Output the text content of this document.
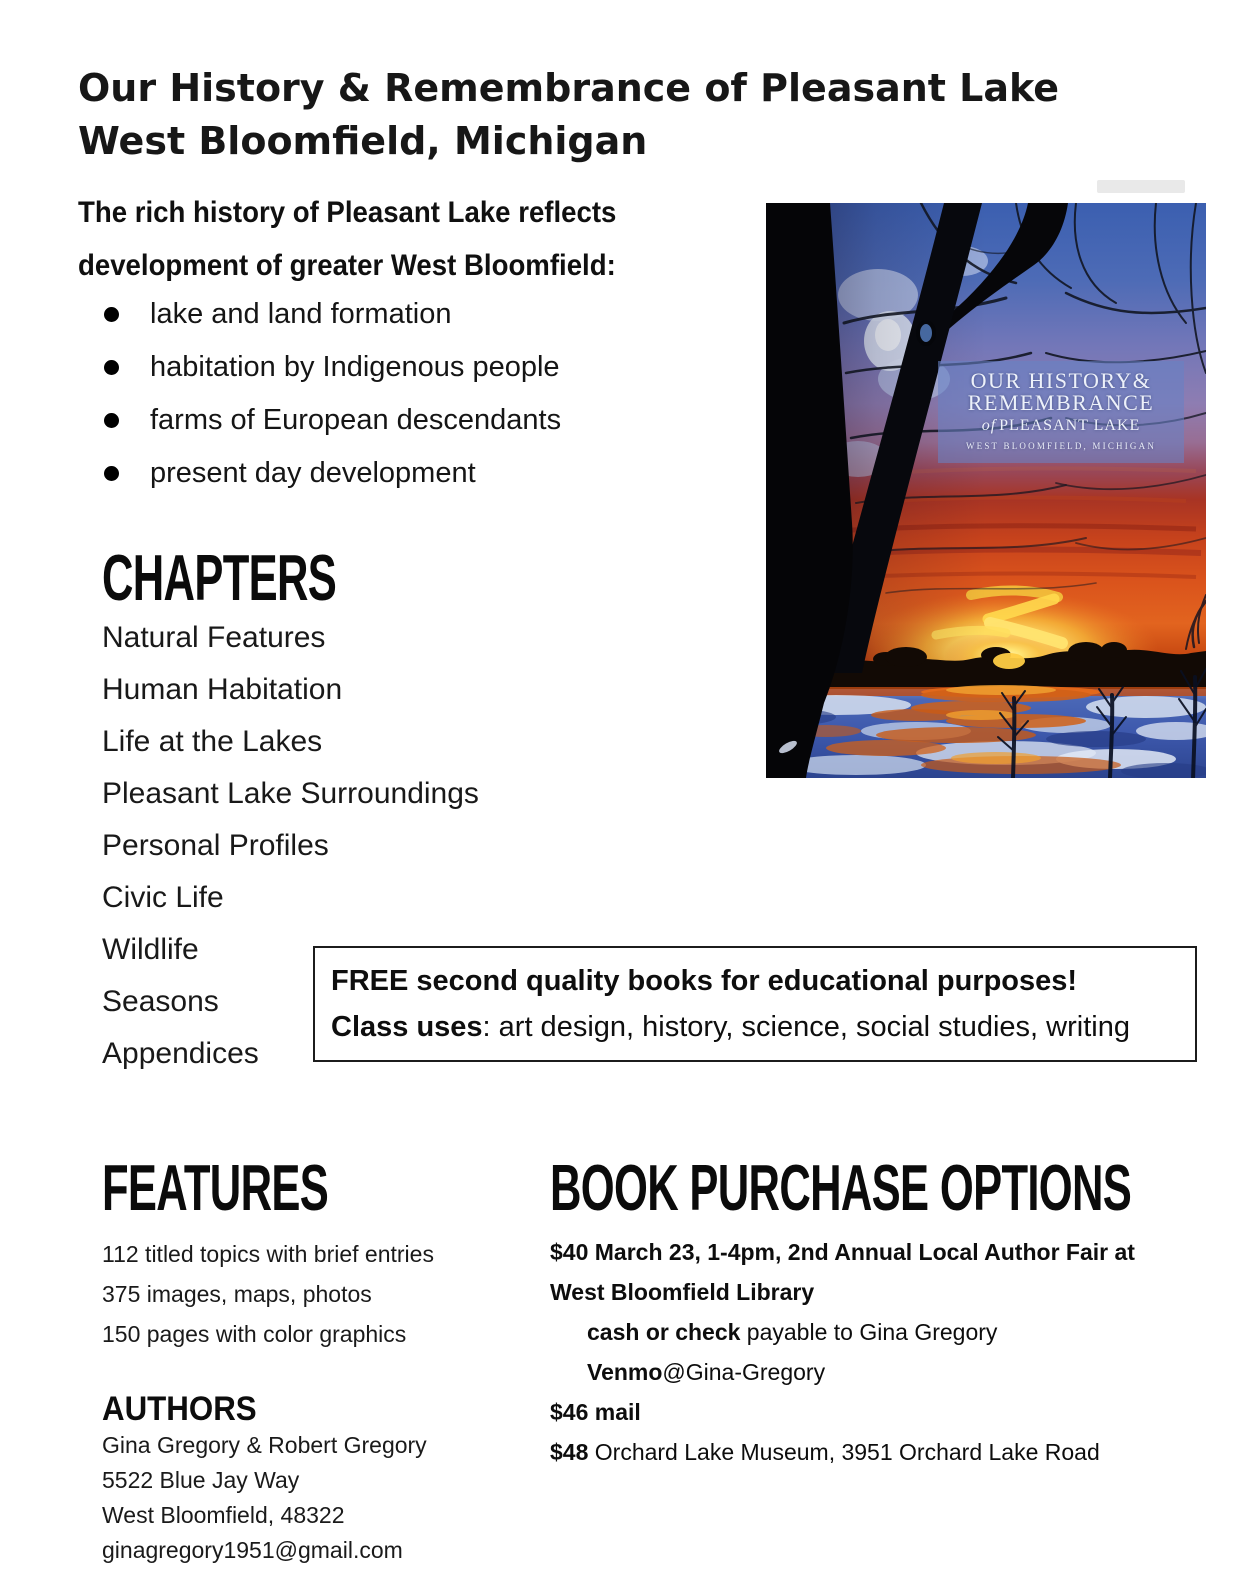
Our History & Remembrance of Pleasant Lake
West Bloomfield, Michigan
The rich history of Pleasant Lake reflects
development of greater West Bloomfield:
lake and land formation
habitation by Indigenous people
farms of European descendants
present day development
OUR HISTORY&
REMEMBRANCE
of PLEASANT LAKE
WEST BLOOMFIELD, MICHIGAN
CHAPTERS
Natural Features
Human Habitation
Life at the Lakes
Pleasant Lake Surroundings
Personal Profiles
Civic Life
Wildlife
Seasons
Appendices
FREE second quality books for educational purposes!
Class uses: art design, history, science, social studies, writing
FEATURES
112 titled topics with brief entries
375 images, maps, photos
150 pages with color graphics
AUTHORS
Gina Gregory & Robert Gregory
5522 Blue Jay Way
West Bloomfield, 48322
ginagregory1951@gmail.com
BOOK PURCHASE OPTIONS

$40 March 23, 1-4pm, 2nd Annual Local Author Fair at

West Bloomfield Library

cash or check payable to Gina Gregory

Venmo@Gina-Gregory

$46 mail

$48 Orchard Lake Museum, 3951 Orchard Lake Road
